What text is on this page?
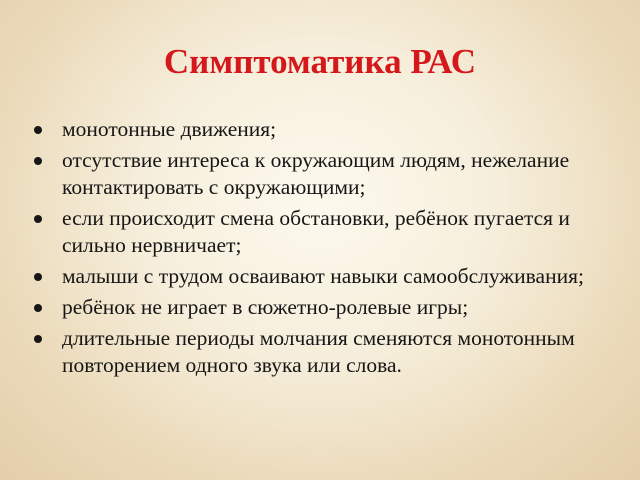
Симптоматика РАС
монотонные движения;
отсутствие интереса к окружающим людям, нежелание контактировать с окружающими;
если происходит смена обстановки, ребёнок пугается и сильно нервничает;
малыши с трудом осваивают навыки самообслуживания;
ребёнок не играет в сюжетно-ролевые игры;
длительные периоды молчания сменяются монотонным повторением одного звука или слова.
